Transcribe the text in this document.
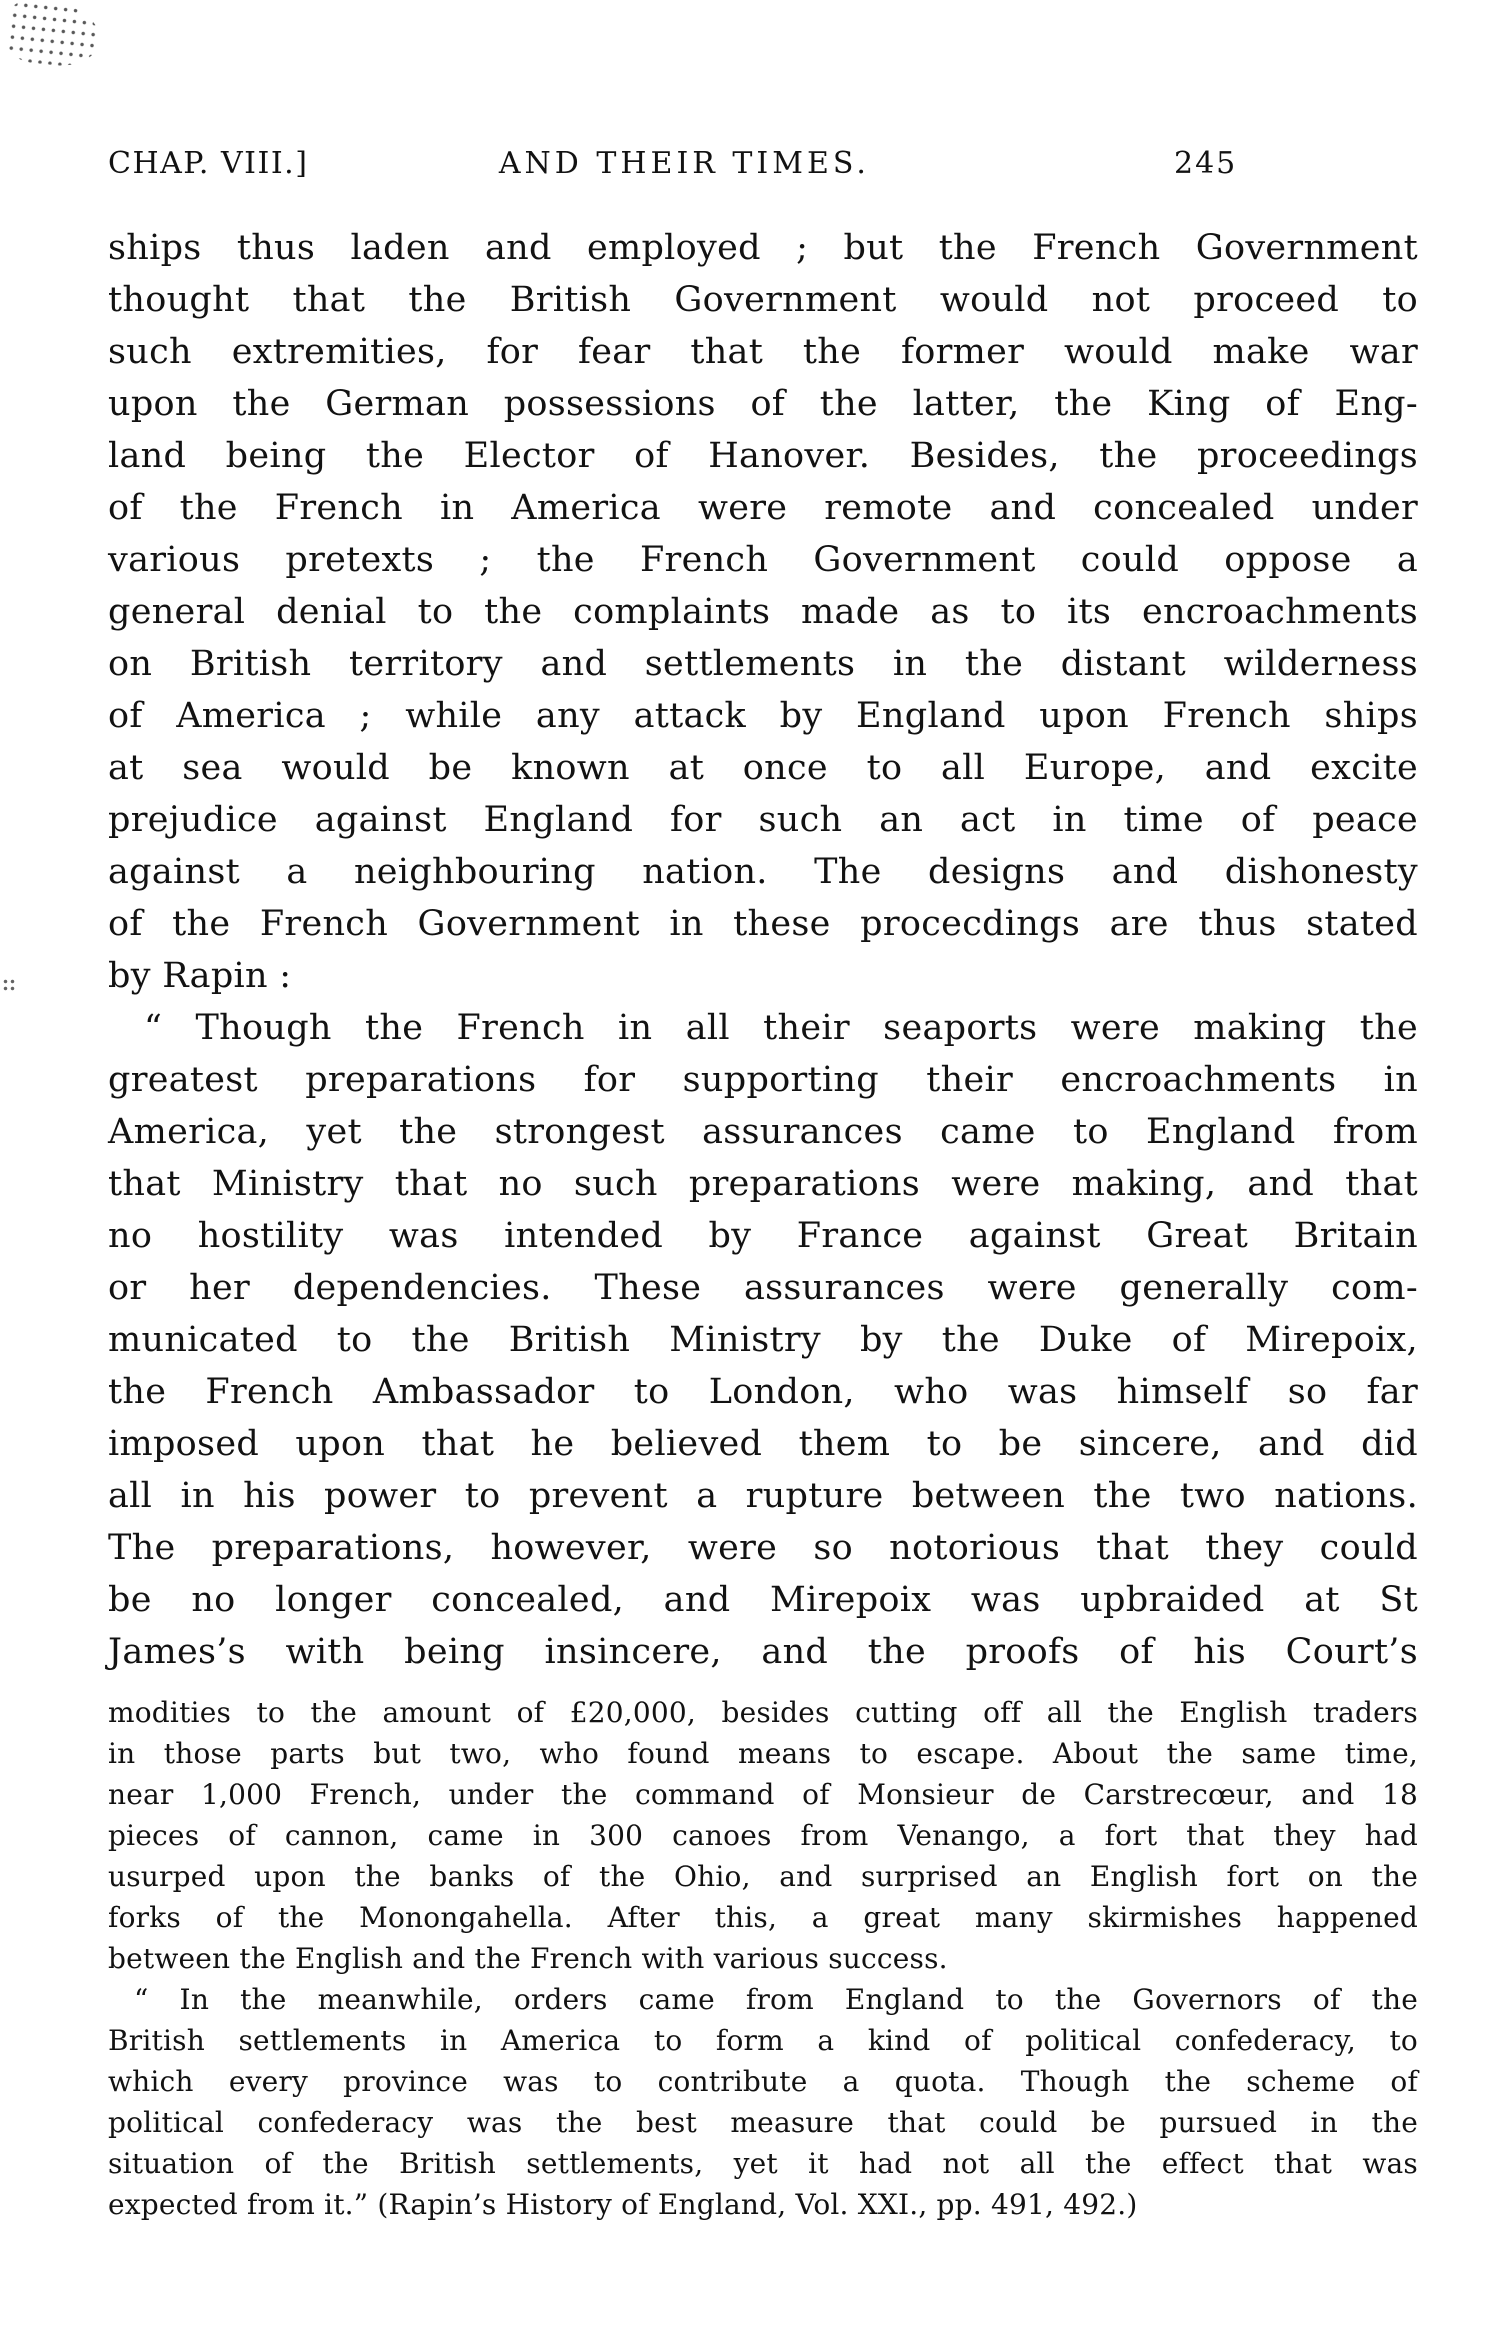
CHAP. VIII.]	AND THEIR TIMES.	245
ships thus laden and employed ; but the French Government
thought that the British Government would not proceed to
such extremities, for fear that the former would make war
upon the German possessions of the latter, the King of Eng-
land being the Elector of Hanover. Besides, the proceedings
of the French in America were remote and concealed under
various pretexts ; the French Government could oppose a
general denial to the complaints made as to its encroachments
on British territory and settlements in the distant wilderness
of America ; while any attack by England upon French ships
at sea would be known at once to all Europe, and excite
prejudice against England for such an act in time of peace
against a neighbouring nation. The designs and dishonesty
of the French Government in these procecdings are thus stated
by Rapin :
“ Though the French in all their seaports were making the
greatest preparations for supporting their encroachments in
America, yet the strongest assurances came to England from
that Ministry that no such preparations were making, and that
no hostility was intended by France against Great Britain
or her dependencies. These assurances were generally com-
municated to the British Ministry by the Duke of Mirepoix,
the French Ambassador to London, who was himself so far
imposed upon that he believed them to be sincere, and did
all in his power to prevent a rupture between the two nations.
The preparations, however, were so notorious that they could
be no longer concealed, and Mirepoix was upbraided at St
James’s with being insincere, and the proofs of his Court’s
modities to the amount of £20,000, besides cutting off all the English traders
in those parts but two, who found means to escape. About the same time,
near 1,000 French, under the command of Monsieur de Carstrecœur, and 18
pieces of cannon, came in 300 canoes from Venango, a fort that they had
usurped upon the banks of the Ohio, and surprised an English fort on the
forks of the Monongahella. After this, a great many skirmishes happened
between the English and the French with various success.
“ In the meanwhile, orders came from England to the Governors of the
British settlements in America to form a kind of political confederacy, to
which every province was to contribute a quota. Though the scheme of
political confederacy was the best measure that could be pursued in the
situation of the British settlements, yet it had not all the effect that was
expected from it.” (Rapin’s History of England, Vol. XXI., pp. 491, 492.)
